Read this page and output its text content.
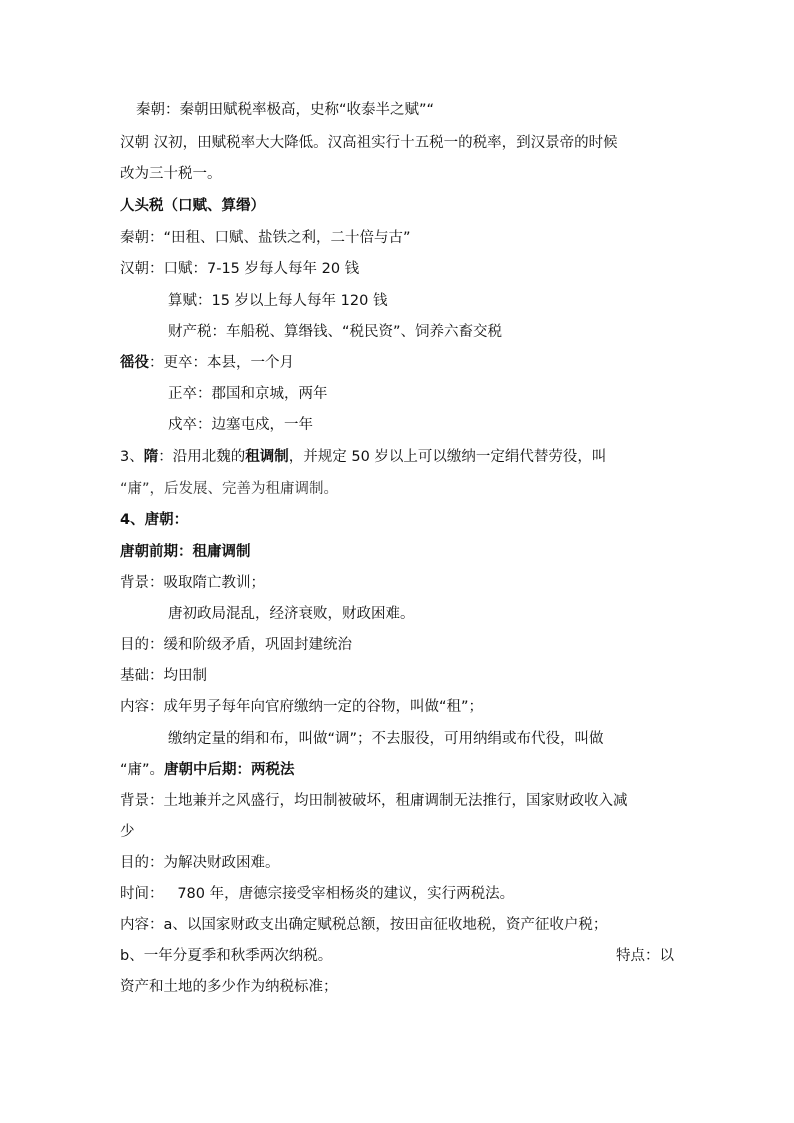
秦朝：秦朝田赋税率极高，史称“收泰半之赋”“
汉朝 汉初，田赋税率大大降低。汉高祖实行十五税一的税率，到汉景帝的时候
改为三十税一。
人头税（口赋、算缗）
秦朝：“田租、口赋、盐铁之利，二十倍与古”
汉朝：口赋：7-15 岁每人每年 20 钱
算赋：15 岁以上每人每年 120 钱
财产税：车船税、算缗钱、“税民资”、饲养六畜交税
徭役：更卒：本县，一个月
正卒：郡国和京城，两年
戍卒：边塞屯戍，一年
3、隋：沿用北魏的租调制，并规定 50 岁以上可以缴纳一定绢代替劳役，叫
“庸”，后发展、完善为租庸调制。
4、唐朝：
唐朝前期：租庸调制
背景：吸取隋亡教训；
唐初政局混乱，经济衰败，财政困难。
目的：缓和阶级矛盾，巩固封建统治
基础：均田制
内容：成年男子每年向官府缴纳一定的谷物，叫做“租”；
缴纳定量的绢和布，叫做“调”；不去服役，可用纳绢或布代役，叫做
“庸”。唐朝中后期：两税法
背景：土地兼并之风盛行，均田制被破坏，租庸调制无法推行，国家财政收入减
少
目的：为解决财政困难。
时间：   780 年，唐德宗接受宰相杨炎的建议，实行两税法。
内容：a、以国家财政支出确定赋税总额，按田亩征收地税，资产征收户税；
b、一年分夏季和秋季两次纳税。	特点：以
资产和土地的多少作为纳税标准；
